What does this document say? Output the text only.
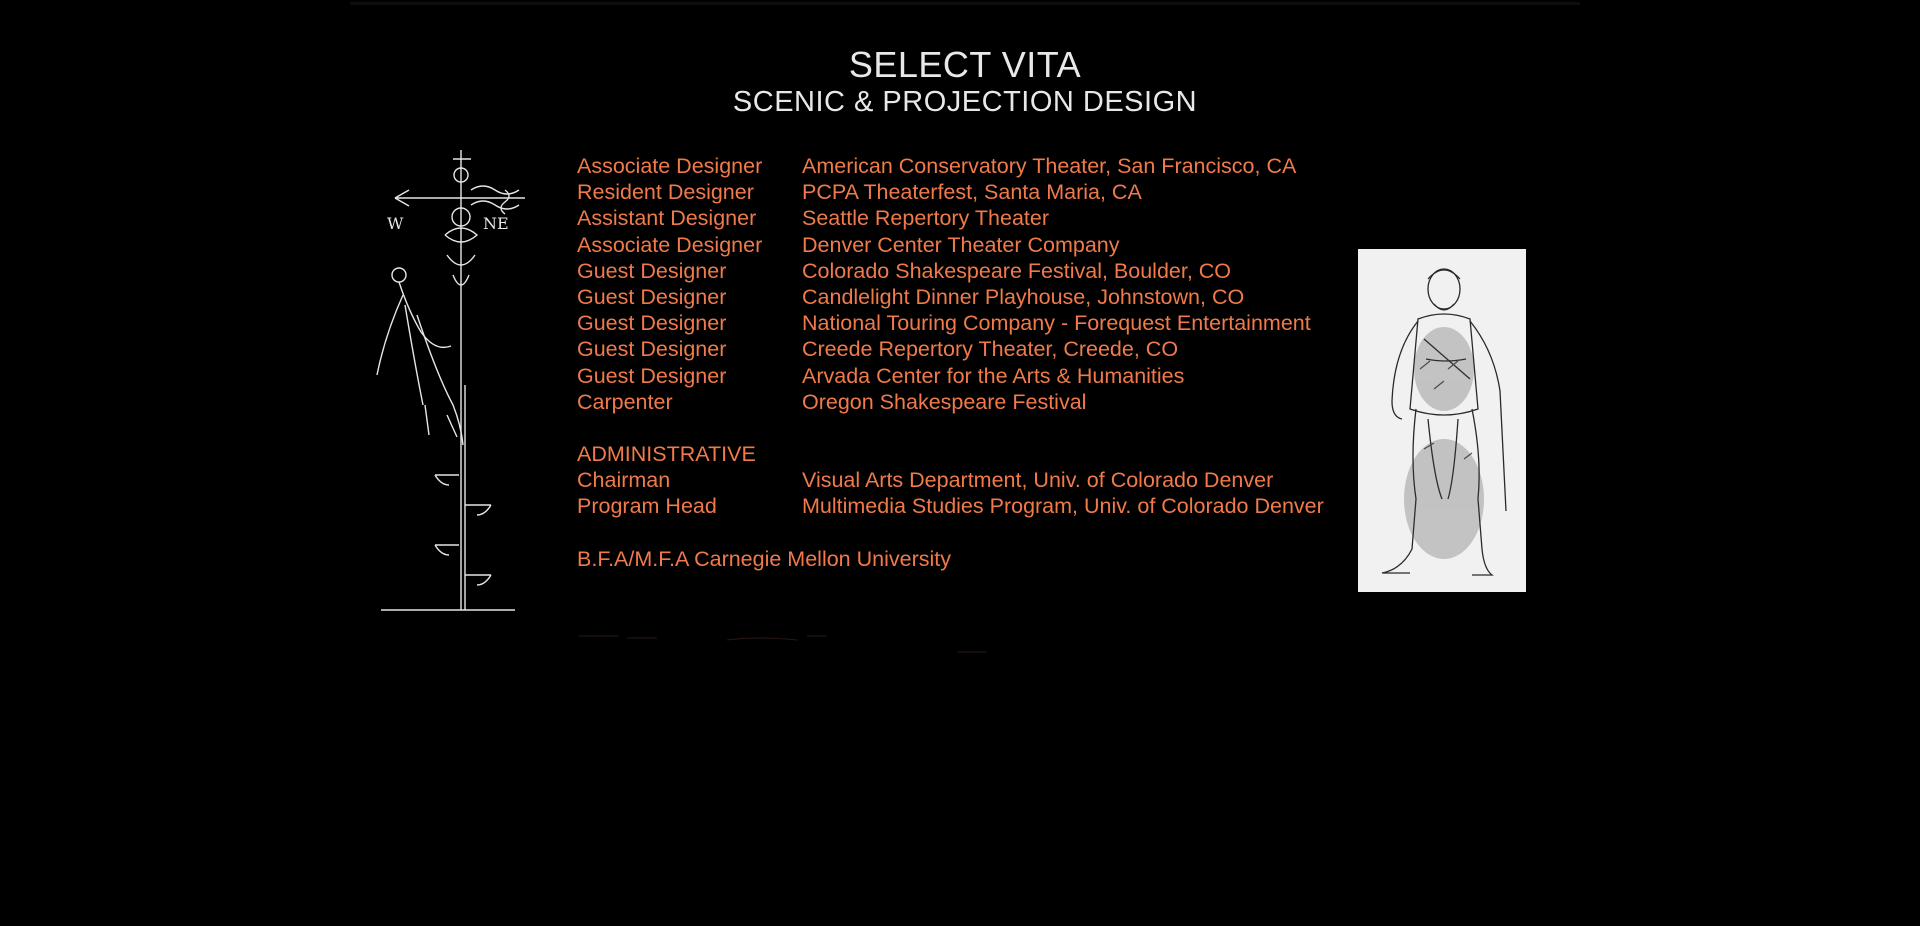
SELECT VITA
SCENIC & PROJECTION DESIGN
W	NE
Associate Designer	American Conservatory Theater, San Francisco, CA
Resident Designer	PCPA Theaterfest, Santa Maria, CA
Assistant Designer	Seattle Repertory Theater
Associate Designer	Denver Center Theater Company
Guest Designer	Colorado Shakespeare Festival, Boulder, CO
Guest Designer	Candlelight Dinner Playhouse, Johnstown, CO
Guest Designer	National Touring Company - Forequest Entertainment
Guest Designer	Creede Repertory Theater, Creede, CO
Guest Designer	Arvada Center for the Arts & Humanities
Carpenter	Oregon Shakespeare Festival
ADMINISTRATIVE
Chairman	Visual Arts Department, Univ. of Colorado Denver
Program Head	Multimedia Studies Program, Univ. of Colorado Denver
B.F.A/M.F.A Carnegie Mellon University
